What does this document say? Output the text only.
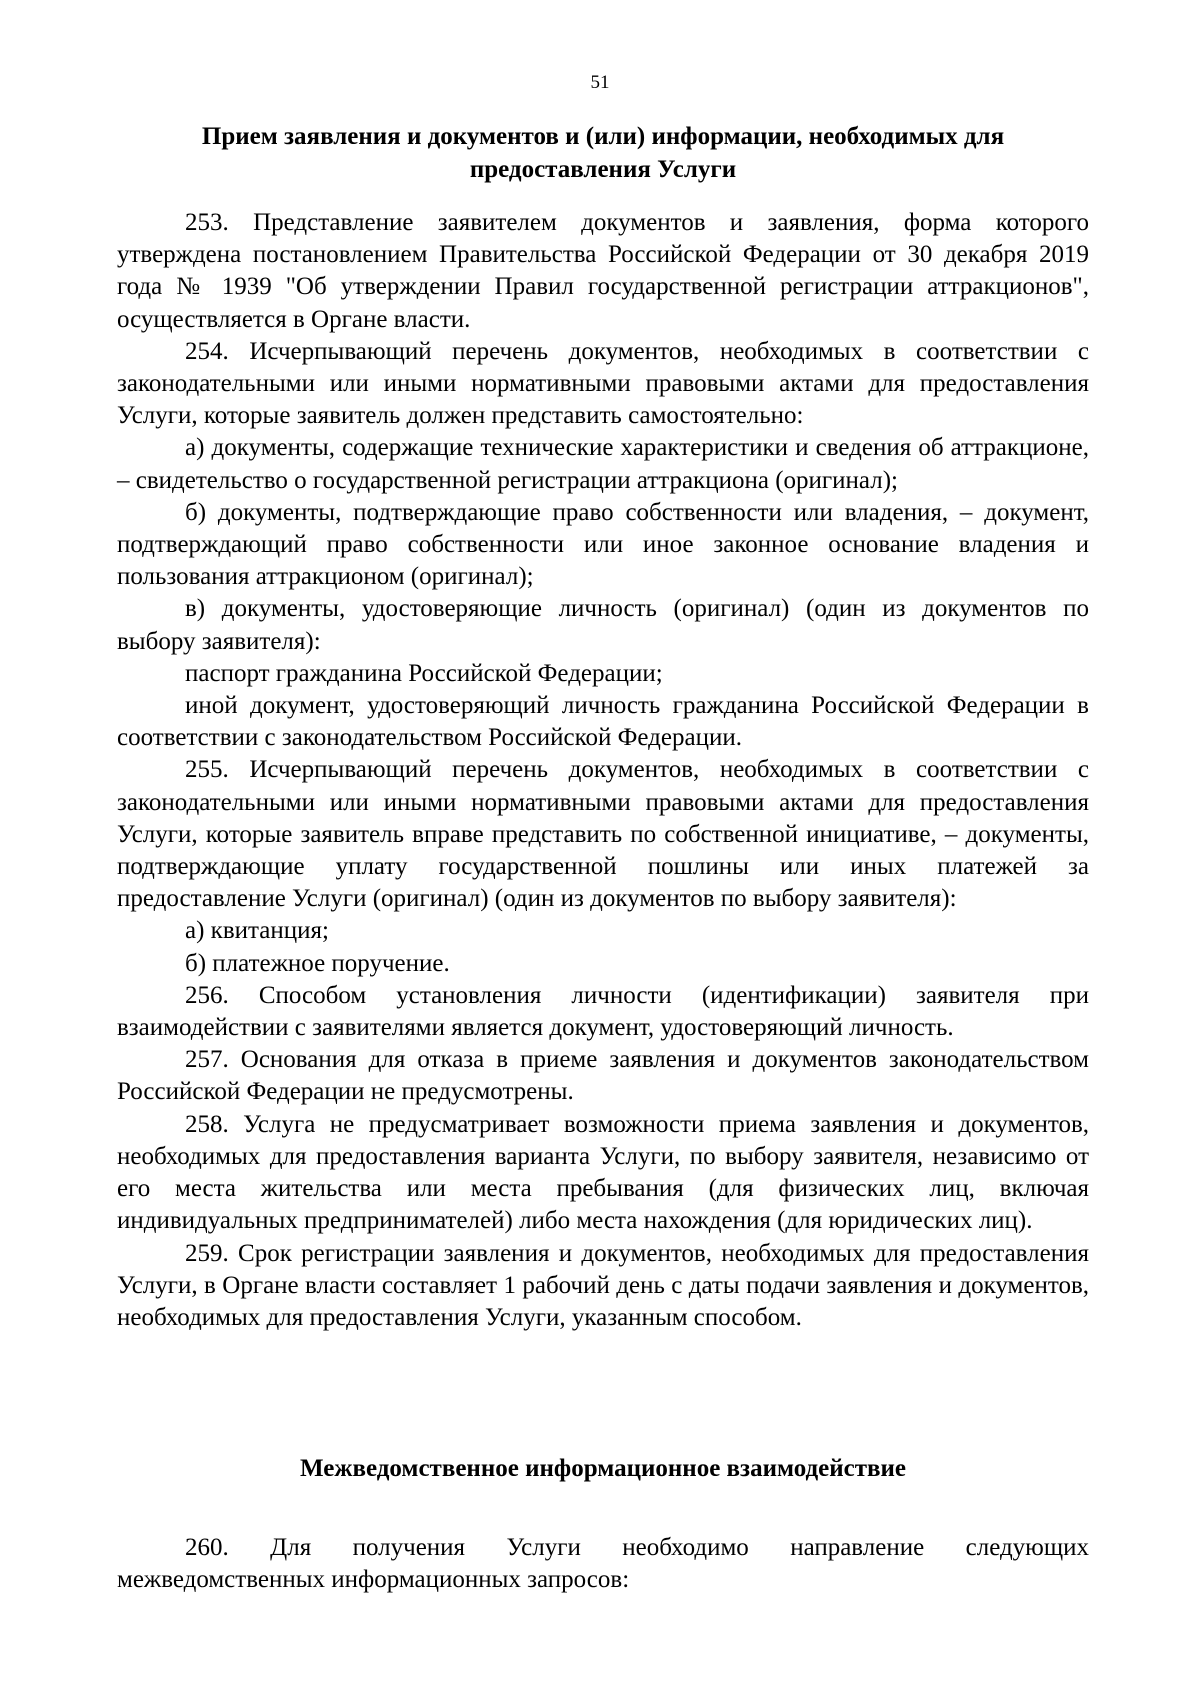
51
Прием заявления и документов и (или) информации, необходимых для
предоставления Услуги

253. Представление заявителем документов и заявления, форма которого утверждена постановлением Правительства Российской Федерации от 30 декабря 2019 года № 1939 "Об утверждении Правил государственной регистрации аттракционов", осуществляется в Органе власти.

254. Исчерпывающий перечень документов, необходимых в соответствии с законодательными или иными нормативными правовыми актами для предоставления Услуги, которые заявитель должен представить самостоятельно:

а) документы, содержащие технические характеристики и сведения об аттракционе, – свидетельство о государственной регистрации аттракциона (оригинал);

б) документы, подтверждающие право собственности или владения, – документ, подтверждающий право собственности или иное законное основание владения и пользования аттракционом (оригинал);

в) документы, удостоверяющие личность (оригинал) (один из документов по выбору заявителя):

паспорт гражданина Российской Федерации;

иной документ, удостоверяющий личность гражданина Российской Федерации в соответствии с законодательством Российской Федерации.

255. Исчерпывающий перечень документов, необходимых в соответствии с законодательными или иными нормативными правовыми актами для предоставления Услуги, которые заявитель вправе представить по собственной инициативе, – документы, подтверждающие уплату государственной пошлины или иных платежей за предоставление Услуги (оригинал) (один из документов по выбору заявителя):

а) квитанция;

б) платежное поручение.

256. Способом установления личности (идентификации) заявителя при взаимодействии с заявителями является документ, удостоверяющий личность.

257. Основания для отказа в приеме заявления и документов законодательством Российской Федерации не предусмотрены.

258. Услуга не предусматривает возможности приема заявления и документов, необходимых для предоставления варианта Услуги, по выбору заявителя, независимо от его места жительства или места пребывания (для физических лиц, включая индивидуальных предпринимателей) либо места нахождения (для юридических лиц).

259. Срок регистрации заявления и документов, необходимых для предоставления Услуги, в Органе власти составляет 1 рабочий день с даты подачи заявления и документов, необходимых для предоставления Услуги, указанным способом.

Межведомственное информационное взаимодействие

260. Для получения Услуги необходимо направление следующих межведомственных информационных запросов:
